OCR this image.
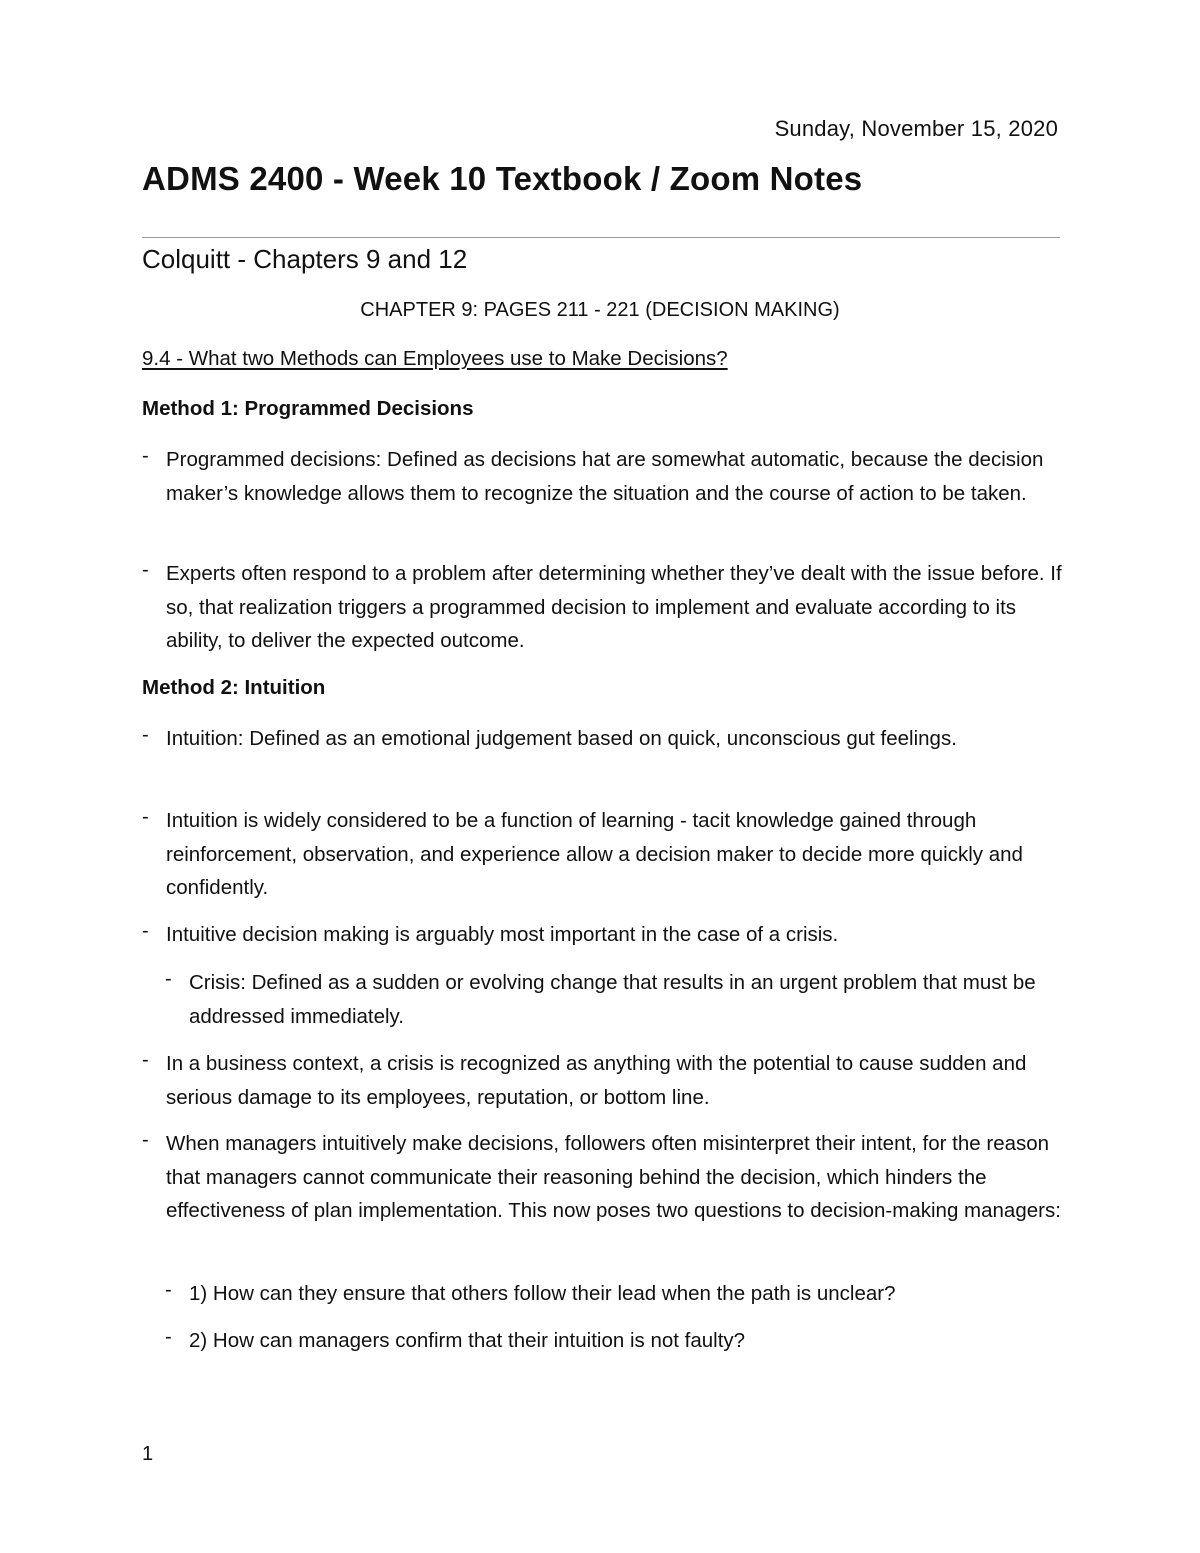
Sunday, November 15, 2020
ADMS 2400 - Week 10 Textbook / Zoom Notes
Colquitt - Chapters 9 and 12
CHAPTER 9: PAGES 211 - 221 (DECISION MAKING)
9.4 - What two Methods can Employees use to Make Decisions?
Method 1: Programmed Decisions
- Programmed decisions: Defined as decisions hat are somewhat automatic, because the decision maker’s knowledge allows them to recognize the situation and the course of action to be taken.
- Experts often respond to a problem after determining whether they’ve dealt with the issue before. If so, that realization triggers a programmed decision to implement and evaluate according to its ability, to deliver the expected outcome.
Method 2: Intuition
- Intuition: Defined as an emotional judgement based on quick, unconscious gut feelings.
- Intuition is widely considered to be a function of learning - tacit knowledge gained through reinforcement, observation, and experience allow a decision maker to decide more quickly and confidently.
- Intuitive decision making is arguably most important in the case of a crisis.
- Crisis: Defined as a sudden or evolving change that results in an urgent problem that must be addressed immediately.
- In a business context, a crisis is recognized as anything with the potential to cause sudden and serious damage to its employees, reputation, or bottom line.
- When managers intuitively make decisions, followers often misinterpret their intent, for the reason that managers cannot communicate their reasoning behind the decision, which hinders the effectiveness of plan implementation. This now poses two questions to decision-making managers:
- 1) How can they ensure that others follow their lead when the path is unclear?
- 2) How can managers confirm that their intuition is not faulty?
1
